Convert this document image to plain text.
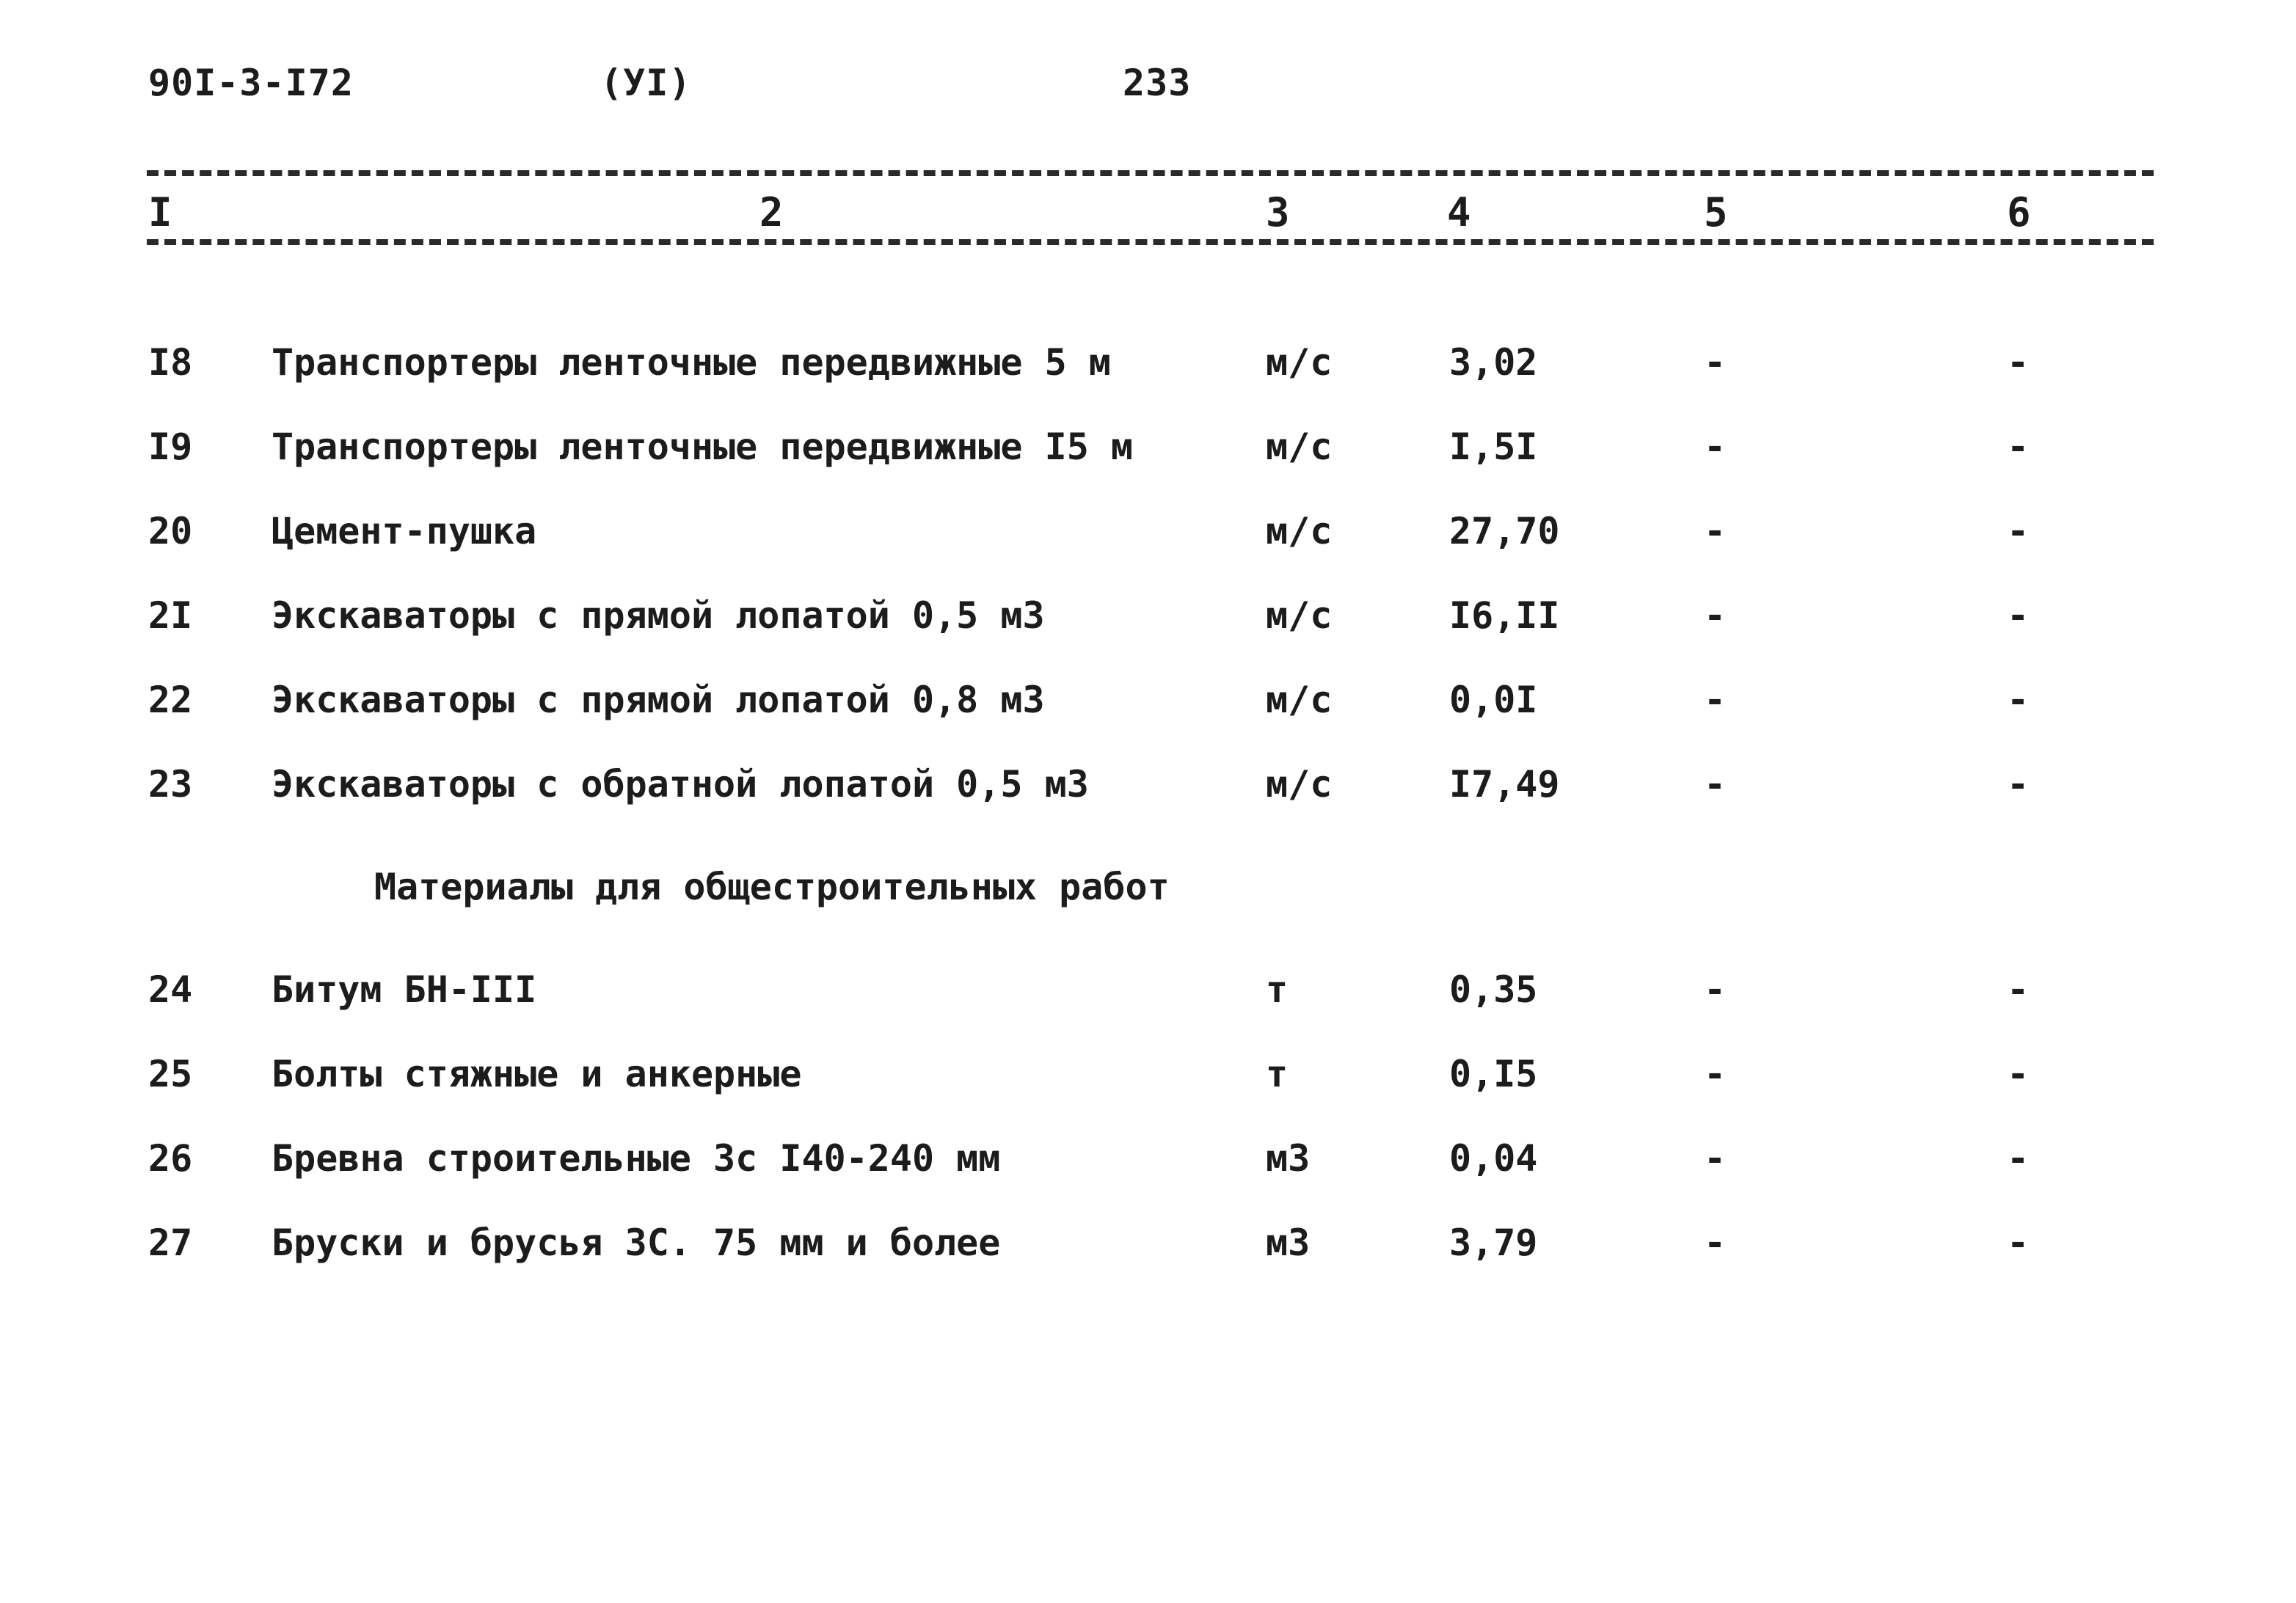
90I-3-I72	(УI)	233
I	2	3	4	5	6
I8 Транспортеры ленточные передвижные 5 м	м/с	3,02	-	-
I9 Транспортеры ленточные передвижные I5 м	м/с	I,5I	-	-
20 Цемент-пушка	м/с	27,70	-	-
2I Экскаваторы с прямой лопатой 0,5 м3	м/с	I6,II	-	-
22 Экскаваторы с прямой лопатой 0,8 м3	м/с	0,0I	-	-
23 Экскаваторы с обратной лопатой 0,5 м3	м/с	I7,49	-	-
Материалы для общестроительных работ
24 Битум БН-III	т	0,35	-	-
25 Болты стяжные и анкерные	т	0,I5	-	-
26 Бревна строительные 3с I40-240 мм	м3	0,04	-	-
27 Бруски и брусья 3С. 75 мм и более	м3	3,79	-	-
